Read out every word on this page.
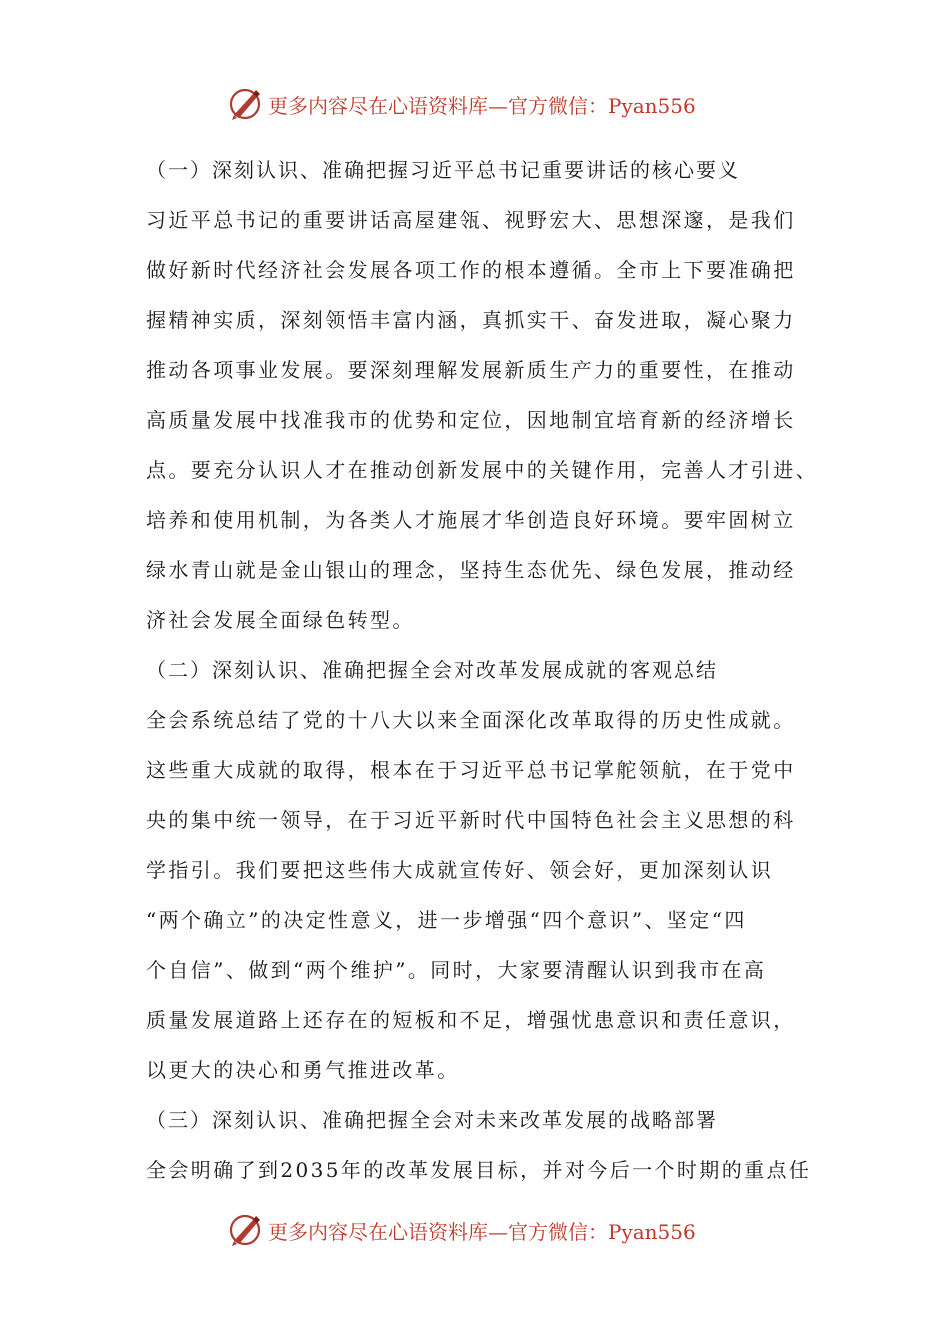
更多内容尽在心语资料库—官方微信：Pyan556
（一）深刻认识、准确把握习近平总书记重要讲话的核心要义
习近平总书记的重要讲话高屋建瓴、视野宏大、思想深邃，是我们
做好新时代经济社会发展各项工作的根本遵循。全市上下要准确把
握精神实质，深刻领悟丰富内涵，真抓实干、奋发进取，凝心聚力
推动各项事业发展。要深刻理解发展新质生产力的重要性，在推动
高质量发展中找准我市的优势和定位，因地制宜培育新的经济增长
点。要充分认识人才在推动创新发展中的关键作用，完善人才引进、
培养和使用机制，为各类人才施展才华创造良好环境。要牢固树立
绿水青山就是金山银山的理念，坚持生态优先、绿色发展，推动经
济社会发展全面绿色转型。
（二）深刻认识、准确把握全会对改革发展成就的客观总结
全会系统总结了党的十八大以来全面深化改革取得的历史性成就。
这些重大成就的取得，根本在于习近平总书记掌舵领航，在于党中
央的集中统一领导，在于习近平新时代中国特色社会主义思想的科
学指引。我们要把这些伟大成就宣传好、领会好，更加深刻认识
“两个确立”的决定性意义，进一步增强“四个意识”、坚定“四
个自信”、做到“两个维护”。同时，大家要清醒认识到我市在高
质量发展道路上还存在的短板和不足，增强忧患意识和责任意识，
以更大的决心和勇气推进改革。
（三）深刻认识、准确把握全会对未来改革发展的战略部署
全会明确了到2035年的改革发展目标，并对今后一个时期的重点任
更多内容尽在心语资料库—官方微信：Pyan556
